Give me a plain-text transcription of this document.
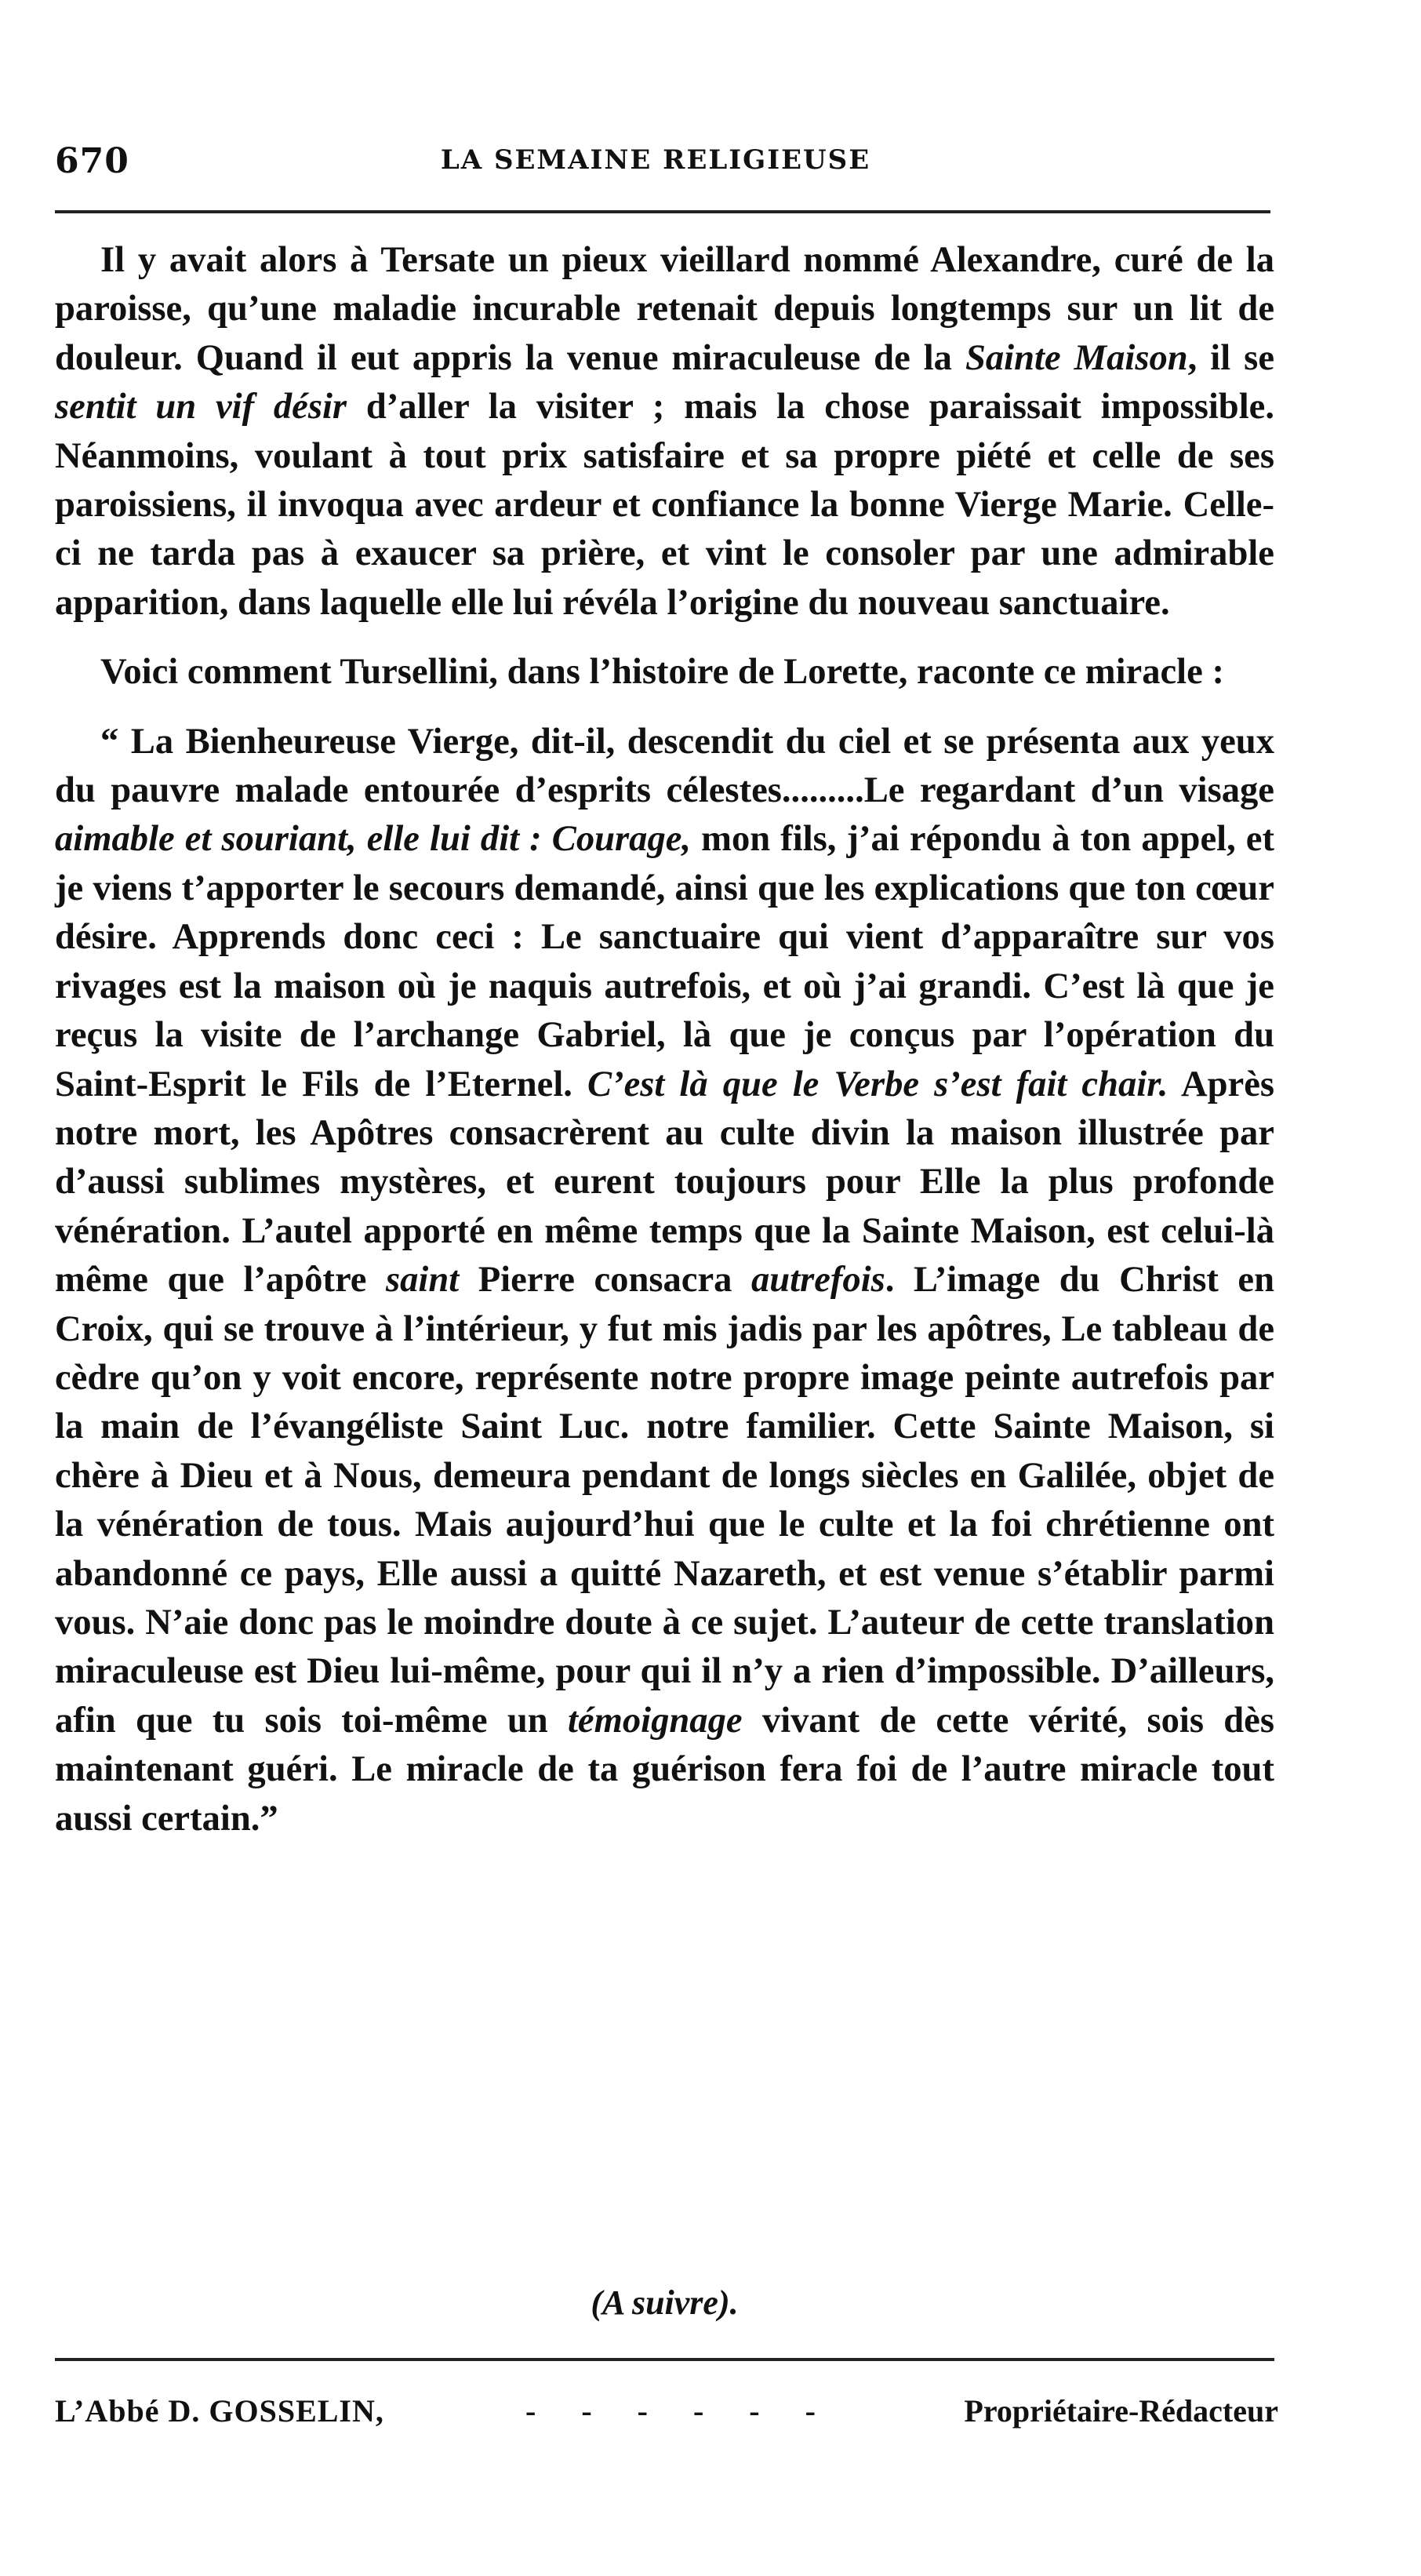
670	LA SEMAINE RELIGIEUSE

Il y avait alors à Tersate un pieux vieillard nommé Alexandre, curé de la paroisse, qu’une maladie incurable retenait depuis longtemps sur un lit de douleur. Quand il eut appris la venue miraculeuse de la Sainte Maison, il se sentit un vif désir d’aller la visiter ; mais la chose paraissait impossible. Néanmoins, voulant à tout prix satisfaire et sa propre piété et celle de ses paroissiens, il invoqua avec ardeur et confiance la bonne Vierge Marie. Celle-ci ne tarda pas à exaucer sa prière, et vint le consoler par une admirable apparition, dans laquelle elle lui révéla l’origine du nouveau sanctuaire.

Voici comment Tursellini, dans l’histoire de Lorette, raconte ce miracle :

“ La Bienheureuse Vierge, dit-il, descendit du ciel et se présenta aux yeux du pauvre malade entourée d’esprits célestes.........Le regardant d’un visage aimable et souriant, elle lui dit : Courage, mon fils, j’ai répondu à ton appel, et je viens t’apporter le secours demandé, ainsi que les explications que ton cœur désire. Apprends donc ceci : Le sanctuaire qui vient d’apparaître sur vos rivages est la maison où je naquis autrefois, et où j’ai grandi. C’est là que je reçus la visite de l’archange Gabriel, là que je conçus par l’opération du Saint-Esprit le Fils de l’Eternel. C’est là que le Verbe s’est fait chair. Après notre mort, les Apôtres consacrèrent au culte divin la maison illustrée par d’aussi sublimes mystères, et eurent toujours pour Elle la plus profonde vénération. L’autel apporté en même temps que la Sainte Maison, est celui-là même que l’apôtre saint Pierre consacra autrefois. L’image du Christ en Croix, qui se trouve à l’intérieur, y fut mis jadis par les apôtres, Le tableau de cèdre qu’on y voit encore, représente notre propre image peinte autrefois par la main de l’évangéliste Saint Luc. notre familier. Cette Sainte Maison, si chère à Dieu et à Nous, demeura pendant de longs siècles en Galilée, objet de la vénération de tous. Mais aujourd’hui que le culte et la foi chrétienne ont abandonné ce pays, Elle aussi a quitté Nazareth, et est venue s’établir parmi vous. N’aie donc pas le moindre doute à ce sujet. L’auteur de cette translation miraculeuse est Dieu lui-même, pour qui il n’y a rien d’impossible. D’ailleurs, afin que tu sois toi-même un témoignage vivant de cette vérité, sois dès maintenant guéri. Le miracle de ta guérison fera foi de l’autre miracle tout aussi certain.”

(A suivre).
L’Abbé D. GOSSELIN,	- - - - - -	Propriétaire-Rédacteur
